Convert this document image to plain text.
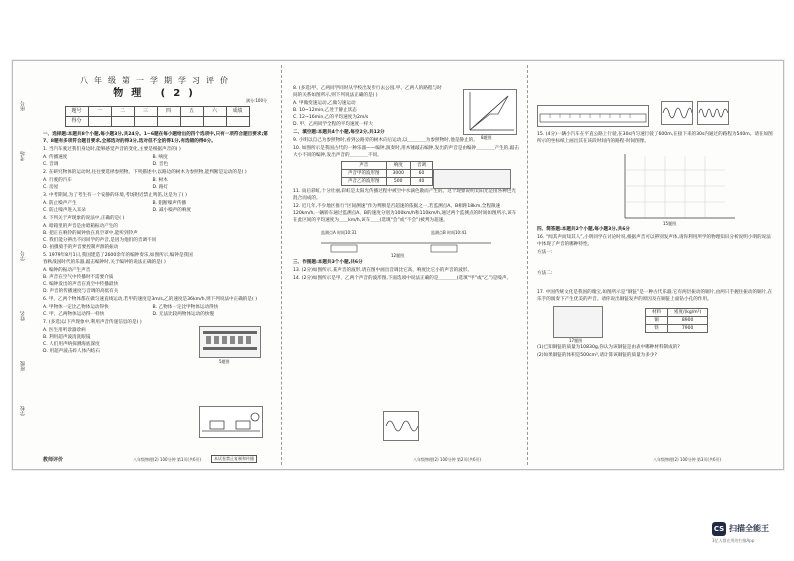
座号
考场
学号
姓名
班级
学校
八年级第一学期学习评价
物理 (2)
满分:100分
题号	一	二	三	四	五	六	成绩
得分							
一、选择题:本题共8个小题,每小题3分,共24分。1~6题在每小题给出的四个选项中,只有一项符合题目要求;第7、8题有多项符合题目要求,全部选对的得3分,选对但不全的得1分,有选错的得0分。
1. 当汽车驶过我们身边时,能够感觉声音的变化,主要是根据声音的( )
A. 传播速度	B. 响度 C. 音调	D. 音色
2. 在研究物体的运动时,往往要选择参照物。下列描述中,以路边的树木为参照物,能判断是运动的是( )
A. 行驶的汽车	B. 树木 C. 房屋	D. 路灯
3. 中考期间,为了考生有一个安静的环境,考场附近禁止鸣笛,这是为了( )
A. 防止噪声产生	B. 阻断噪声传播 C. 防止噪声进入耳朵	D. 减小噪声的响度
4. 下列关于声现象的说法中,正确的是( )
A. 暗箱里的声音是由暗箱振动产生的
B. 把正在响铃的闹钟放在真空罩中,能听到铃声
C. 我们能分辨出不同同学的声音,是因为他们的音调不同
D. 拍摄骑手的声音要控制声源的振动
5. 1979年8月1日,我国建造了2600余年的编钟奏乐,如图所示,编钟是我国春秋战国时代的乐器,敲击编钟时,关于编钟的说法正确的是( )
A. 编钟的振动产生声音
B. 声音在空气中传播时不需要介质
C. 编钟发出的声音在真空中传播最快
D. 声音的传播速度与音调的高低有关
6. 甲、乙两个物体都在做匀速直线运动,若甲的速度是3m/s,乙的速度是36km/h,则下列说法中正确的是( )
A. 甲物体一定比乙物体运动得快	B. 乙物体一定比甲物体运动得快 C. 甲、乙两物体运动得一样快	D. 无法比较两物体运动的快慢
7. (多选)以下声现象中,利用声音传递信息的是( )
A. 医生用听诊器诊病
B. 利用超声波清洗眼镜
C. 人们用声呐探测海底深度
D. 用超声波击碎人体内结石
5题图
教师评价	八年级物理(2) 100分钟 第1页(共6页)	本试卷禁止复制和传播
8. (多选)甲、乙两同学同时从学校出发步行去公园,甲、乙两人的路程与时间的关系如图所示,则下列说法正确的是( )
A. 甲做变速运动,乙做匀速运动
B. 10~12min,乙处于静止状态
C. 12~16min,乙的平均速度为2m/s
D. 甲、乙两同学全程的平均速度一样大
二、填空题:本题共4个小题,每空2分,共12分
9. 小明以自己为参照物时,看到公路旁的树木向后运动,以＿＿＿＿为参照物时,他是静止的。
10. 如图所示是我国古代的一种乐器——编钟,演奏时,用木锤敲击编钟,发出的声音是由编钟＿＿＿＿产生的,敲击大小不同的编钟,发出声音的＿＿＿＿不同。
声音	响度	音调
声音甲的波形图	3000	60
声音乙的波形图	500	40
11. 雨后彩虹,十分壮丽,彩虹是太阳光传播过程中被空中水滴色散而产生的。这个现象说明太阳光是由各种色光混合而成的。
12. 近几年,不少地区推行“区间测速”作为判断是否超速的依据之一,若监测点A、B相距18km,全程限速120km/h,一辆轿车通过监测点A、B的速度分别为100km/h和110km/h,通过两个监测点的时间如图所示,该车在此区间的平均速度为＿＿km/h,该车＿＿(选填“会”或“不会”)被判为超速。
监测点A 时间10:31	监测点B 时间10:41
12题图
三、作图题:本题共3个小题,共6分
13. (2分)如图所示,某声音的波形,请在图中画出音调比它高、响度比它小的声音的波形。
14. (2分)如图所示是甲、乙两个声音的波形图,下面选项中说法正确的是＿＿＿＿(选填“甲”或“乙”)是噪声。
8题图
八年级物理(2) 100分钟 第2页(共6页)
15. (4分)一辆小汽车在平直公路上行驶,在30s内匀速行驶了600m,在接下来的30s内通过的路程为540m。请在如图所示的坐标纸上画出其在该段时间内的路程-时间图像。
15题图
四、简答题:本题共2个小题,每小题3分,共6分
16. “闻其声而知其人”,小明同学在讨论时说,根据声音可以辨别发声体,请你利用所学的物理知识分析说明小明的说法中体现了声音的哪种特性。
方法一:
方法二:
17. 中国传统文化是我国的瑰宝,如图所示是“铜钲”是一种古代乐器,它有两层振动的铜片,由两只手握住振动的铜片,在乐手的演奏下产生优美的声音。请你说出铜钲发声的原因及在铜钲上面钻小孔的作用。
17题图
材料	密度/(kg/m³)
铜	8900
铁	7900
(1)已知铜钲的质量为10830g,你认为该铜钲是由表中哪种材料制成的?
(2)如果铜钲的体积是500cm³,请计算该铜钲的质量为多少?
八年级物理(2) 100分钟 第3页(共6页)
CS 扫描全能王
3亿人都在用的扫描App
